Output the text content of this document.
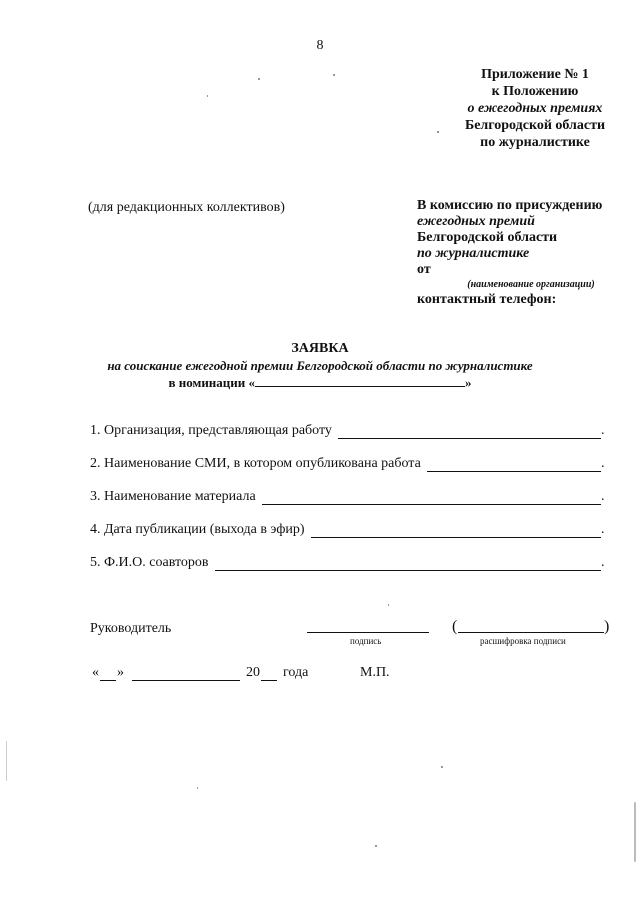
8
Приложение № 1
к Положению
о ежегодных премиях
Белгородской области
по журналистике
(для редакционных коллективов)	В комиссию по присуждению
ежегодных премий
Белгородской области
по журналистике
от
(наименование организации)
контактный телефон:
ЗАЯВКА
на соискание ежегодной премии Белгородской области по журналистике
в номинации «	»
1. Организация, представляющая работу	.
2. Наименование СМИ, в котором опубликована работа	.
3. Наименование материала	.
4. Дата публикации (выхода в эфир)	.
5. Ф.И.О. соавторов	.
Руководитель	(	)
подпись	расшифровка подписи
« »	20 года	М.П.
